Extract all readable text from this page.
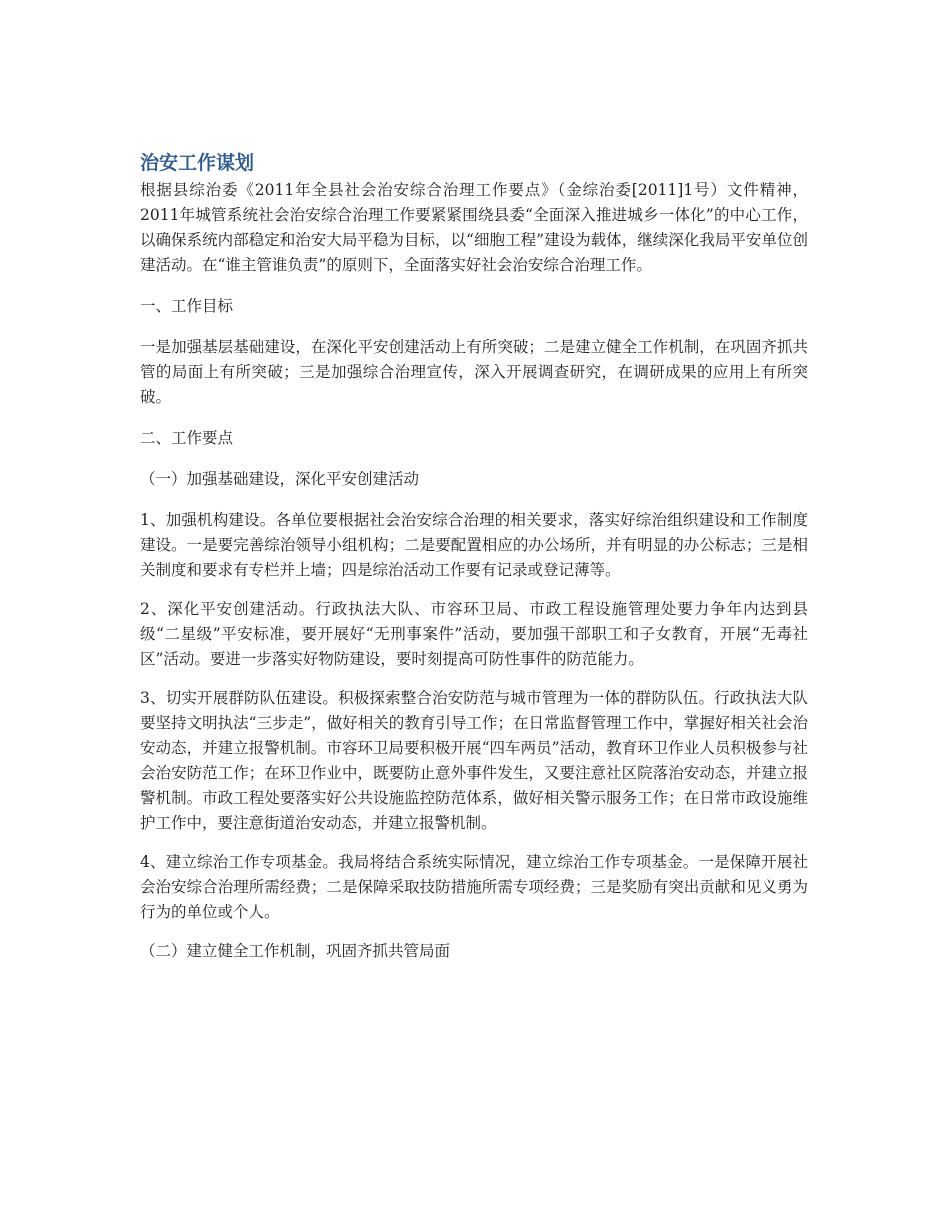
治安工作谋划

根据县综治委《2011年全县社会治安综合治理工作要点》（金综治委[2011]1号）文件精神，2011年城管系统社会治安综合治理工作要紧紧围绕县委“全面深入推进城乡一体化”的中心工作，以确保系统内部稳定和治安大局平稳为目标，以“细胞工程”建设为载体，继续深化我局平安单位创建活动。在“谁主管谁负责”的原则下，全面落实好社会治安综合治理工作。

一、工作目标

一是加强基层基础建设，在深化平安创建活动上有所突破；二是建立健全工作机制，在巩固齐抓共管的局面上有所突破；三是加强综合治理宣传，深入开展调查研究，在调研成果的应用上有所突破。

二、工作要点

（一）加强基础建设，深化平安创建活动

1、加强机构建设。各单位要根据社会治安综合治理的相关要求，落实好综治组织建设和工作制度建设。一是要完善综治领导小组机构；二是要配置相应的办公场所，并有明显的办公标志；三是相关制度和要求有专栏并上墙；四是综治活动工作要有记录或登记薄等。

2、深化平安创建活动。行政执法大队、市容环卫局、市政工程设施管理处要力争年内达到县级“二星级”平安标准，要开展好“无刑事案件”活动，要加强干部职工和子女教育，开展“无毒社区”活动。要进一步落实好物防建设，要时刻提高可防性事件的防范能力。

3、切实开展群防队伍建设。积极探索整合治安防范与城市管理为一体的群防队伍。行政执法大队要坚持文明执法“三步走”，做好相关的教育引导工作；在日常监督管理工作中，掌握好相关社会治安动态，并建立报警机制。市容环卫局要积极开展“四车两员”活动，教育环卫作业人员积极参与社会治安防范工作；在环卫作业中，既要防止意外事件发生，又要注意社区院落治安动态，并建立报警机制。市政工程处要落实好公共设施监控防范体系，做好相关警示服务工作；在日常市政设施维护工作中，要注意街道治安动态，并建立报警机制。

4、建立综治工作专项基金。我局将结合系统实际情况，建立综治工作专项基金。一是保障开展社会治安综合治理所需经费；二是保障采取技防措施所需专项经费；三是奖励有突出贡献和见义勇为行为的单位或个人。

（二）建立健全工作机制，巩固齐抓共管局面
